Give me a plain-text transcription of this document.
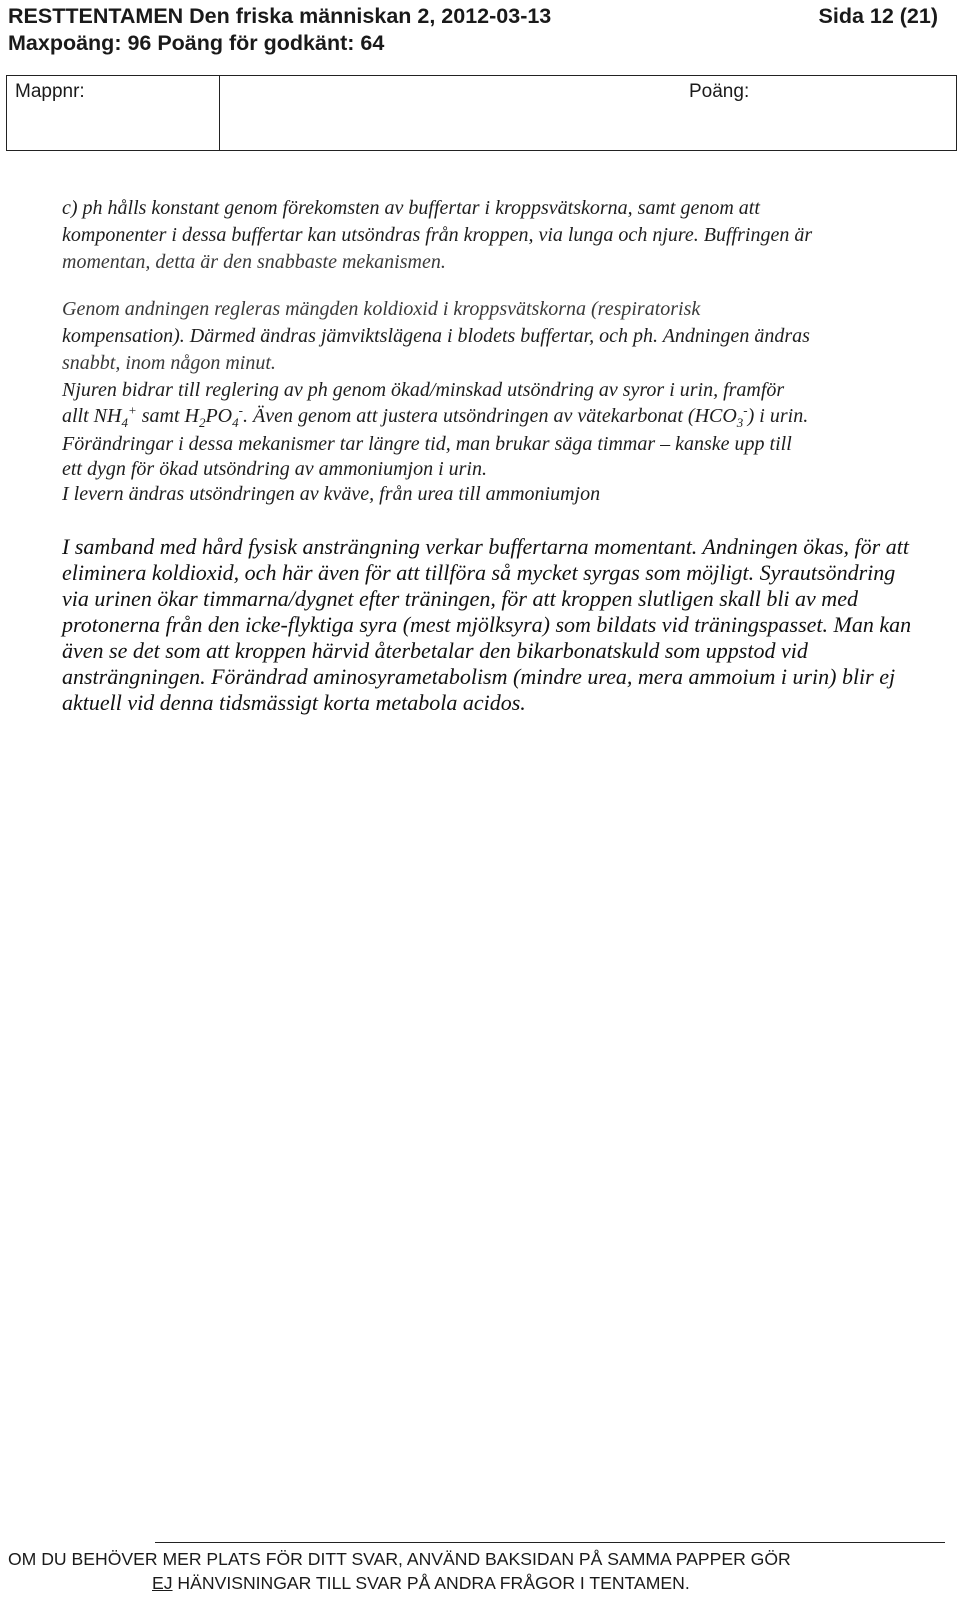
RESTTENTAMEN Den friska människan 2, 2012-03-13	Sida 12 (21)
Maxpoäng: 96 Poäng för godkänt: 64
Mappnr:	Poäng:
c) ph hålls konstant genom förekomsten av buffertar i kroppsvätskorna, samt genom att
komponenter i dessa buffertar kan utsöndras från kroppen, via lunga och njure. Buffringen är
momentan, detta är den snabbaste mekanismen.
Genom andningen regleras mängden koldioxid i kroppsvätskorna (respiratorisk
kompensation). Därmed ändras jämviktslägena i blodets buffertar, och ph. Andningen ändras
snabbt, inom någon minut.
Njuren bidrar till reglering av ph genom ökad/minskad utsöndring av syror i urin, framför
allt $NH_4^+$ samt $H_2PO_4^-$. Även genom att justera utsöndringen av vätekarbonat $(HCO_3^-)$ i urin.
Förändringar i dessa mekanismer tar längre tid, man brukar säga timmar – kanske upp till
ett dygn för ökad utsöndring av ammoniumjon i urin.
I levern ändras utsöndringen av kväve, från urea till ammoniumjon
I samband med hård fysisk ansträngning verkar buffertarna momentant. Andningen ökas, för att
eliminera koldioxid, och här även för att tillföra så mycket syrgas som möjligt. Syrautsöndring
via urinen ökar timmarna/dygnet efter träningen, för att kroppen slutligen skall bli av med
protonerna från den icke-flyktiga syra (mest mjölksyra) som bildats vid träningspasset. Man kan
även se det som att kroppen härvid återbetalar den bikarbonatskuld som uppstod vid
ansträngningen. Förändrad aminosyrametabolism (mindre urea, mera ammoium i urin) blir ej
aktuell vid denna tidsmässigt korta metabola acidos.
OM DU BEHÖVER MER PLATS FÖR DITT SVAR, ANVÄND BAKSIDAN PÅ SAMMA PAPPER GÖR
EJ HÄNVISNINGAR TILL SVAR PÅ ANDRA FRÅGOR I TENTAMEN.
